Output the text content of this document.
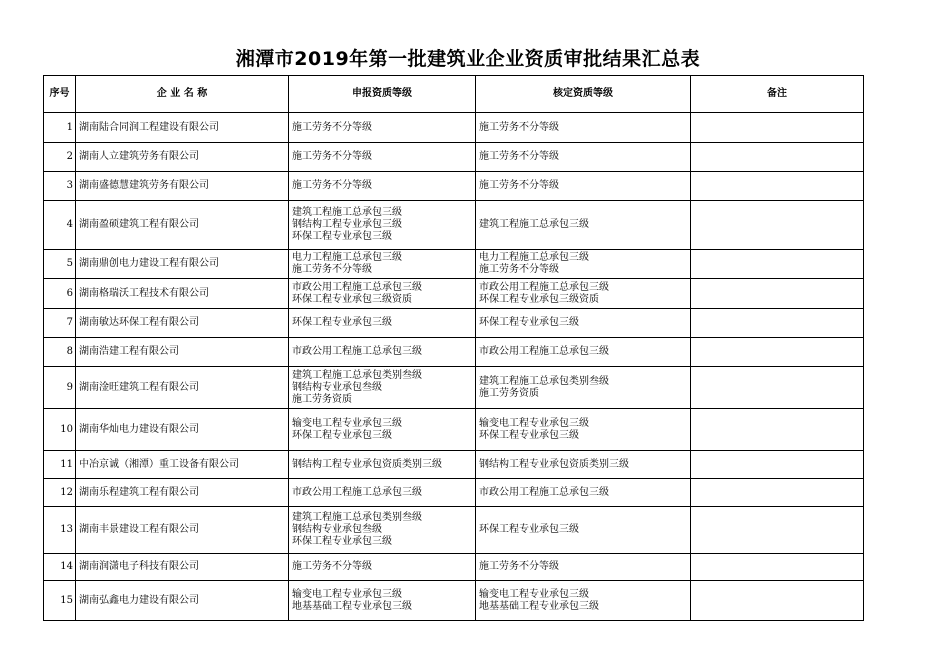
湘潭市2019年第一批建筑业企业资质审批结果汇总表
序号	企 业 名 称	申报资质等级	核定资质等级	备注
1	湖南陆合同润工程建设有限公司	施工劳务不分等级	施工劳务不分等级	

2	湖南人立建筑劳务有限公司	施工劳务不分等级	施工劳务不分等级	

3	湖南盛德慧建筑劳务有限公司	施工劳务不分等级	施工劳务不分等级	

4	湖南盈硕建筑工程有限公司	建筑工程施工总承包三级
钢结构工程专业承包三级
环保工程专业承包三级	建筑工程施工总承包三级	

5	湖南鼎创电力建设工程有限公司	电力工程施工总承包三级
施工劳务不分等级	电力工程施工总承包三级
施工劳务不分等级	

6	湖南格瑞沃工程技术有限公司	市政公用工程施工总承包三级
环保工程专业承包三级资质	市政公用工程施工总承包三级
环保工程专业承包三级资质	

7	湖南敏达环保工程有限公司	环保工程专业承包三级	环保工程专业承包三级	

8	湖南浩建工程有限公司	市政公用工程施工总承包三级	市政公用工程施工总承包三级	

9	湖南淦旺建筑工程有限公司	建筑工程施工总承包类别叁级
钢结构专业承包叁级
施工劳务资质	建筑工程施工总承包类别叁级
施工劳务资质	

10	湖南华灿电力建设有限公司	输变电工程专业承包三级
环保工程专业承包三级	输变电工程专业承包三级
环保工程专业承包三级	

11	中冶京诚（湘潭）重工设备有限公司	钢结构工程专业承包资质类别三级	钢结构工程专业承包资质类别三级	

12	湖南乐程建筑工程有限公司	市政公用工程施工总承包三级	市政公用工程施工总承包三级	

13	湖南丰景建设工程有限公司	建筑工程施工总承包类别叁级
钢结构专业承包叁级
环保工程专业承包三级	环保工程专业承包三级	

14	湖南润潇电子科技有限公司	施工劳务不分等级	施工劳务不分等级	

15	湖南弘鑫电力建设有限公司	输变电工程专业承包三级
地基基础工程专业承包三级	输变电工程专业承包三级
地基基础工程专业承包三级	
